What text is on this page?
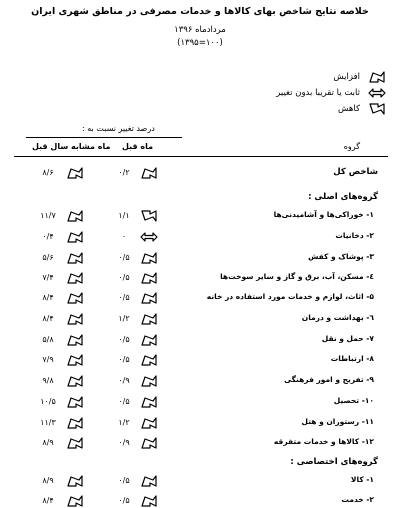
خلاصه نتایج شاخص بهای کالاها و خدمات مصرفی در مناطق شهری ایران
مردادماه ۱۳۹۶
(۱۰۰=۱۳۹۵)
افزایش
ثابت یا تقریبا بدون تغییر
کاهش
درصد تغییر نسبت به :
ماه قبل
ماه مشابه سال قبل	گروه
شاخص کل
۰/۲
۸/۶
گروه‌های اصلی :
۱- خوراکی‌ها و آشامیدنی‌ها
۱/۱
۱۱/۷
۲- دخانیات
۰
۰/۴
۳- پوشاک و کفش
۰/۵
۵/۶
٤- مسکن، آب، برق و گاز و سایر سوخت‌ها
۰/۵
۷/۴
۵- اثاث، لوازم و خدمات مورد استفاده در خانه
۰/۵
۸/۴
٦- بهداشت و درمان
۱/۲
۸/۴
۷- حمل و نقل
۰/۵
۵/۸
۸- ارتباطات
۰/۵
۷/۹
۹- تفریح و امور فرهنگی
۰/۹
۹/۸
۱۰- تحصیل
۰/۵
۱۰/۵
۱۱- رستوران و هتل
۱/۲
۱۱/۳
۱۲- کالاها و خدمات متفرقه
۰/۹
۸/۹
گروه‌های اختصاصی :
۱- کالا
۰/۵
۸/۹
۲- خدمت
۰/۵
۸/۴
